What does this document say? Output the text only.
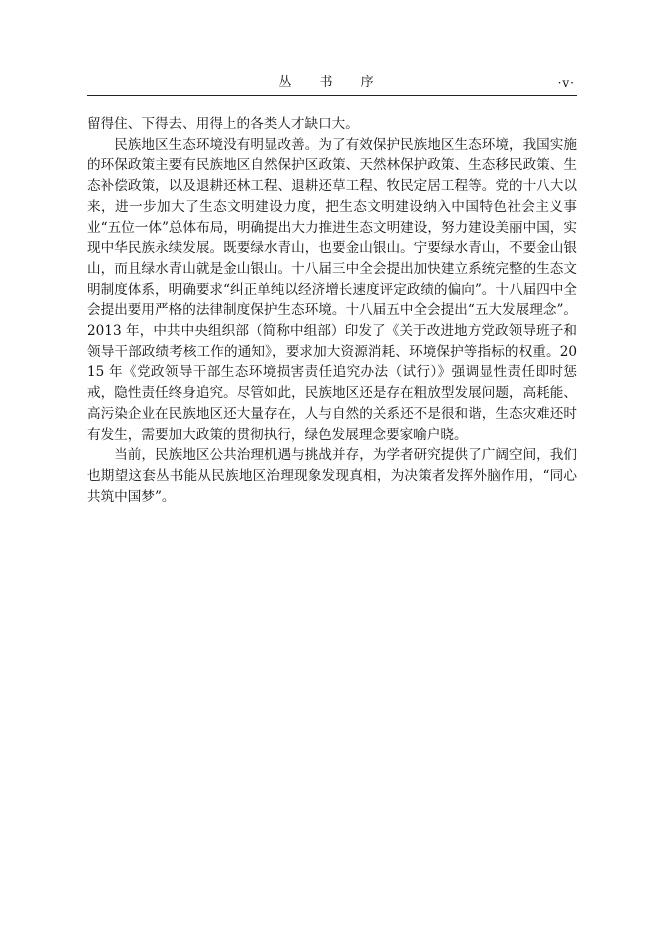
丛 书 序	·v·

留得住、下得去、用得上的各类人才缺口大。

民族地区生态环境没有明显改善。为了有效保护民族地区生态环境，我国实施的环保政策主要有民族地区自然保护区政策、天然林保护政策、生态移民政策、生态补偿政策，以及退耕还林工程、退耕还草工程、牧民定居工程等。党的十八大以来，进一步加大了生态文明建设力度，把生态文明建设纳入中国特色社会主义事业“五位一体”总体布局，明确提出大力推进生态文明建设，努力建设美丽中国，实现中华民族永续发展。既要绿水青山，也要金山银山。宁要绿水青山，不要金山银山，而且绿水青山就是金山银山。十八届三中全会提出加快建立系统完整的生态文明制度体系，明确要求“纠正单纯以经济增长速度评定政绩的偏向”。十八届四中全会提出要用严格的法律制度保护生态环境。十八届五中全会提出“五大发展理念”。2013 年，中共中央组织部（简称中组部）印发了《关于改进地方党政领导班子和领导干部政绩考核工作的通知》，要求加大资源消耗、环境保护等指标的权重。2015 年《党政领导干部生态环境损害责任追究办法（试行）》强调显性责任即时惩戒，隐性责任终身追究。尽管如此，民族地区还是存在粗放型发展问题，高耗能、高污染企业在民族地区还大量存在，人与自然的关系还不是很和谐，生态灾难还时有发生，需要加大政策的贯彻执行，绿色发展理念要家喻户晓。

当前，民族地区公共治理机遇与挑战并存，为学者研究提供了广阔空间，我们也期望这套丛书能从民族地区治理现象发现真相，为决策者发挥外脑作用，“同心共筑中国梦”。
